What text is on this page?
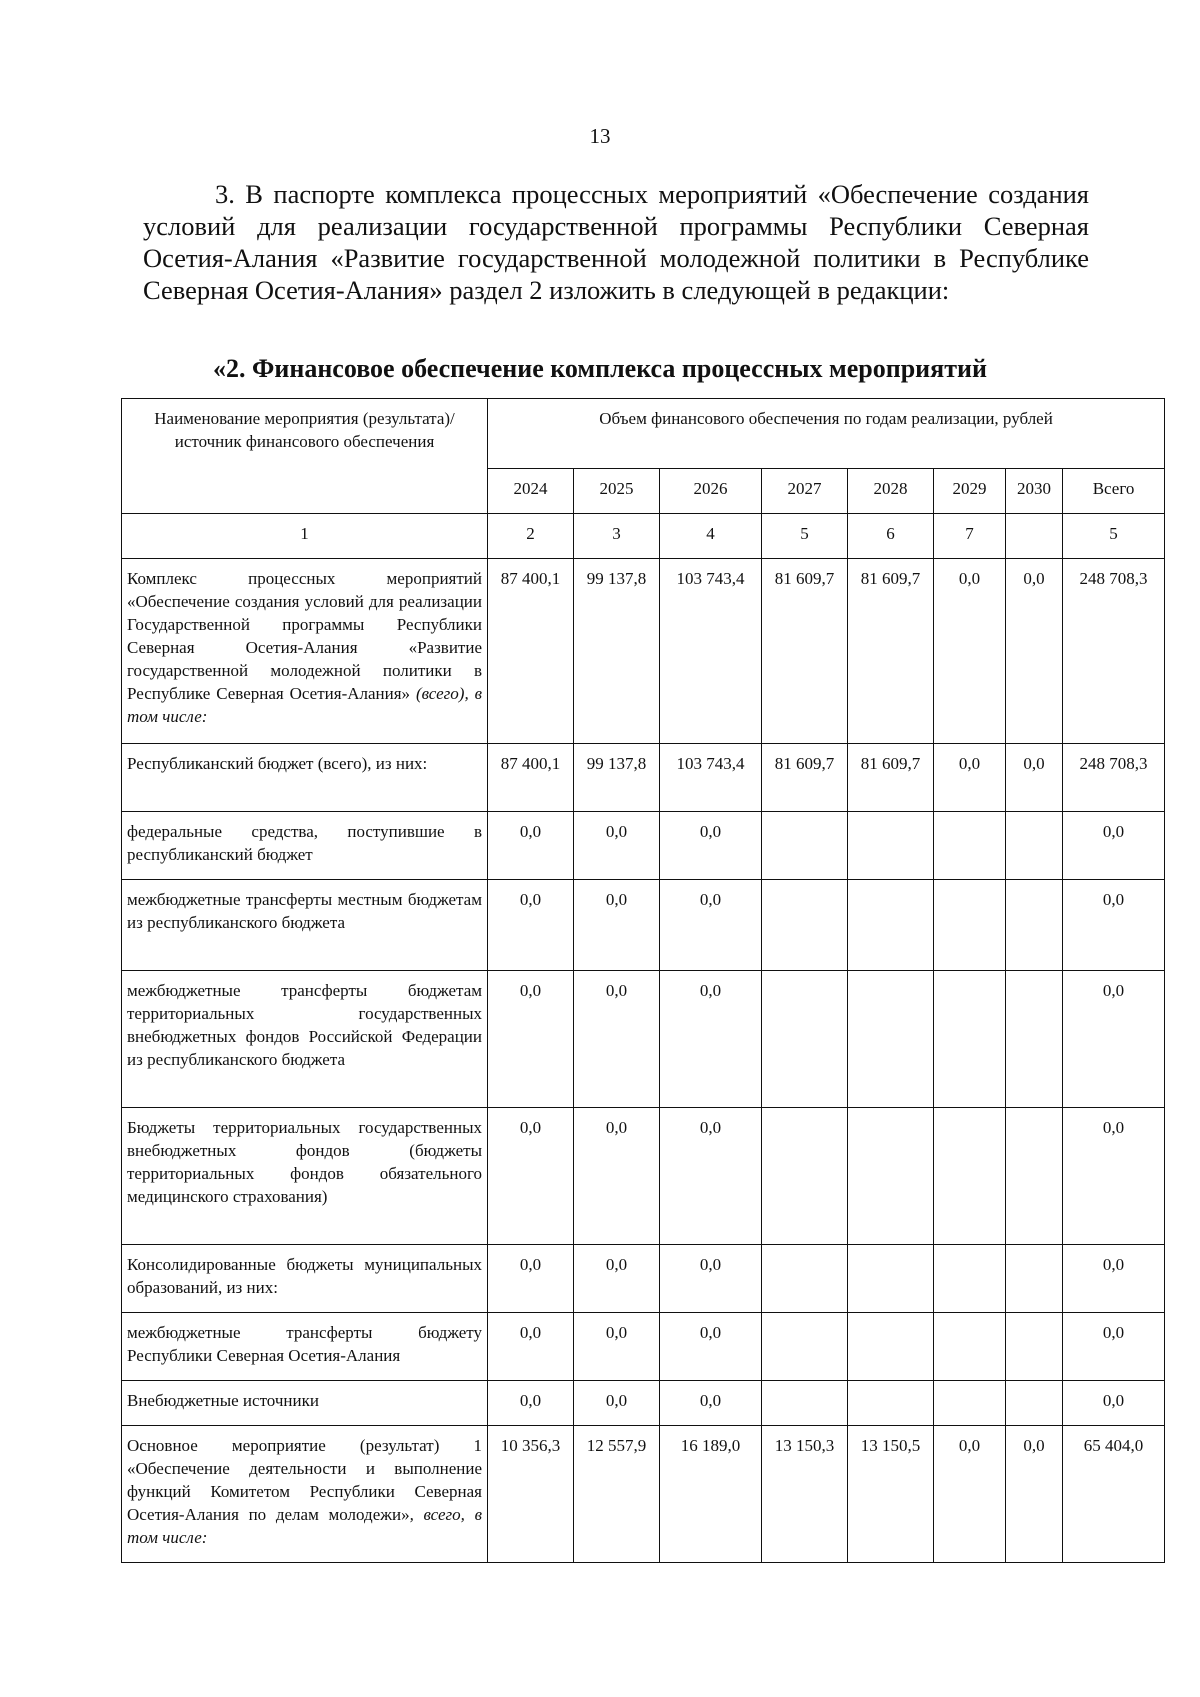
13

3. В паспорте комплекса процессных мероприятий «Обеспечение создания условий для реализации государственной программы Республики Северная Осетия-Алания «Развитие государственной молодежной политики в Республике Северная Осетия-Алания» раздел 2 изложить в следующей в редакции:

«2. Финансовое обеспечение комплекса процессных мероприятий

Наименование мероприятия (результата)/источник финансового обеспечения	Объем финансового обеспечения по годам реализации, рублей							
	2024	2025	2026	2027	2028	2029	2030	Всего
1	2	3	4	5	6	7		5
Комплекс процессных мероприятий «Обеспечение создания условий для реализации Государственной программы Республики Северная Осетия-Алания «Развитие государственной молодежной политики в Республике Северная Осетия-Алания» (всего), в том числе:	87 400,1	99 137,8	103 743,4	81 609,7	81 609,7	0,0	0,0	248 708,3
Республиканский бюджет (всего), из них:	87 400,1	99 137,8	103 743,4	81 609,7	81 609,7	0,0	0,0	248 708,3
федеральные средства, поступившие в республиканский бюджет	0,0	0,0	0,0					0,0
межбюджетные трансферты местным бюджетам из республиканского бюджета	0,0	0,0	0,0					0,0
межбюджетные трансферты бюджетам территориальных государственных внебюджетных фондов Российской Федерации из республиканского бюджета	0,0	0,0	0,0					0,0
Бюджеты территориальных государственных внебюджетных фондов (бюджеты территориальных фондов обязательного медицинского страхования)	0,0	0,0	0,0					0,0
Консолидированные бюджеты муниципальных образований, из них:	0,0	0,0	0,0					0,0
межбюджетные трансферты бюджету Республики Северная Осетия-Алания	0,0	0,0	0,0					0,0
Внебюджетные источники	0,0	0,0	0,0					0,0
Основное мероприятие (результат) 1 «Обеспечение деятельности и выполнение функций Комитетом Республики Северная Осетия-Алания по делам молодежи», всего, в том числе:	10 356,3	12 557,9	16 189,0	13 150,3	13 150,5	0,0	0,0	65 404,0
